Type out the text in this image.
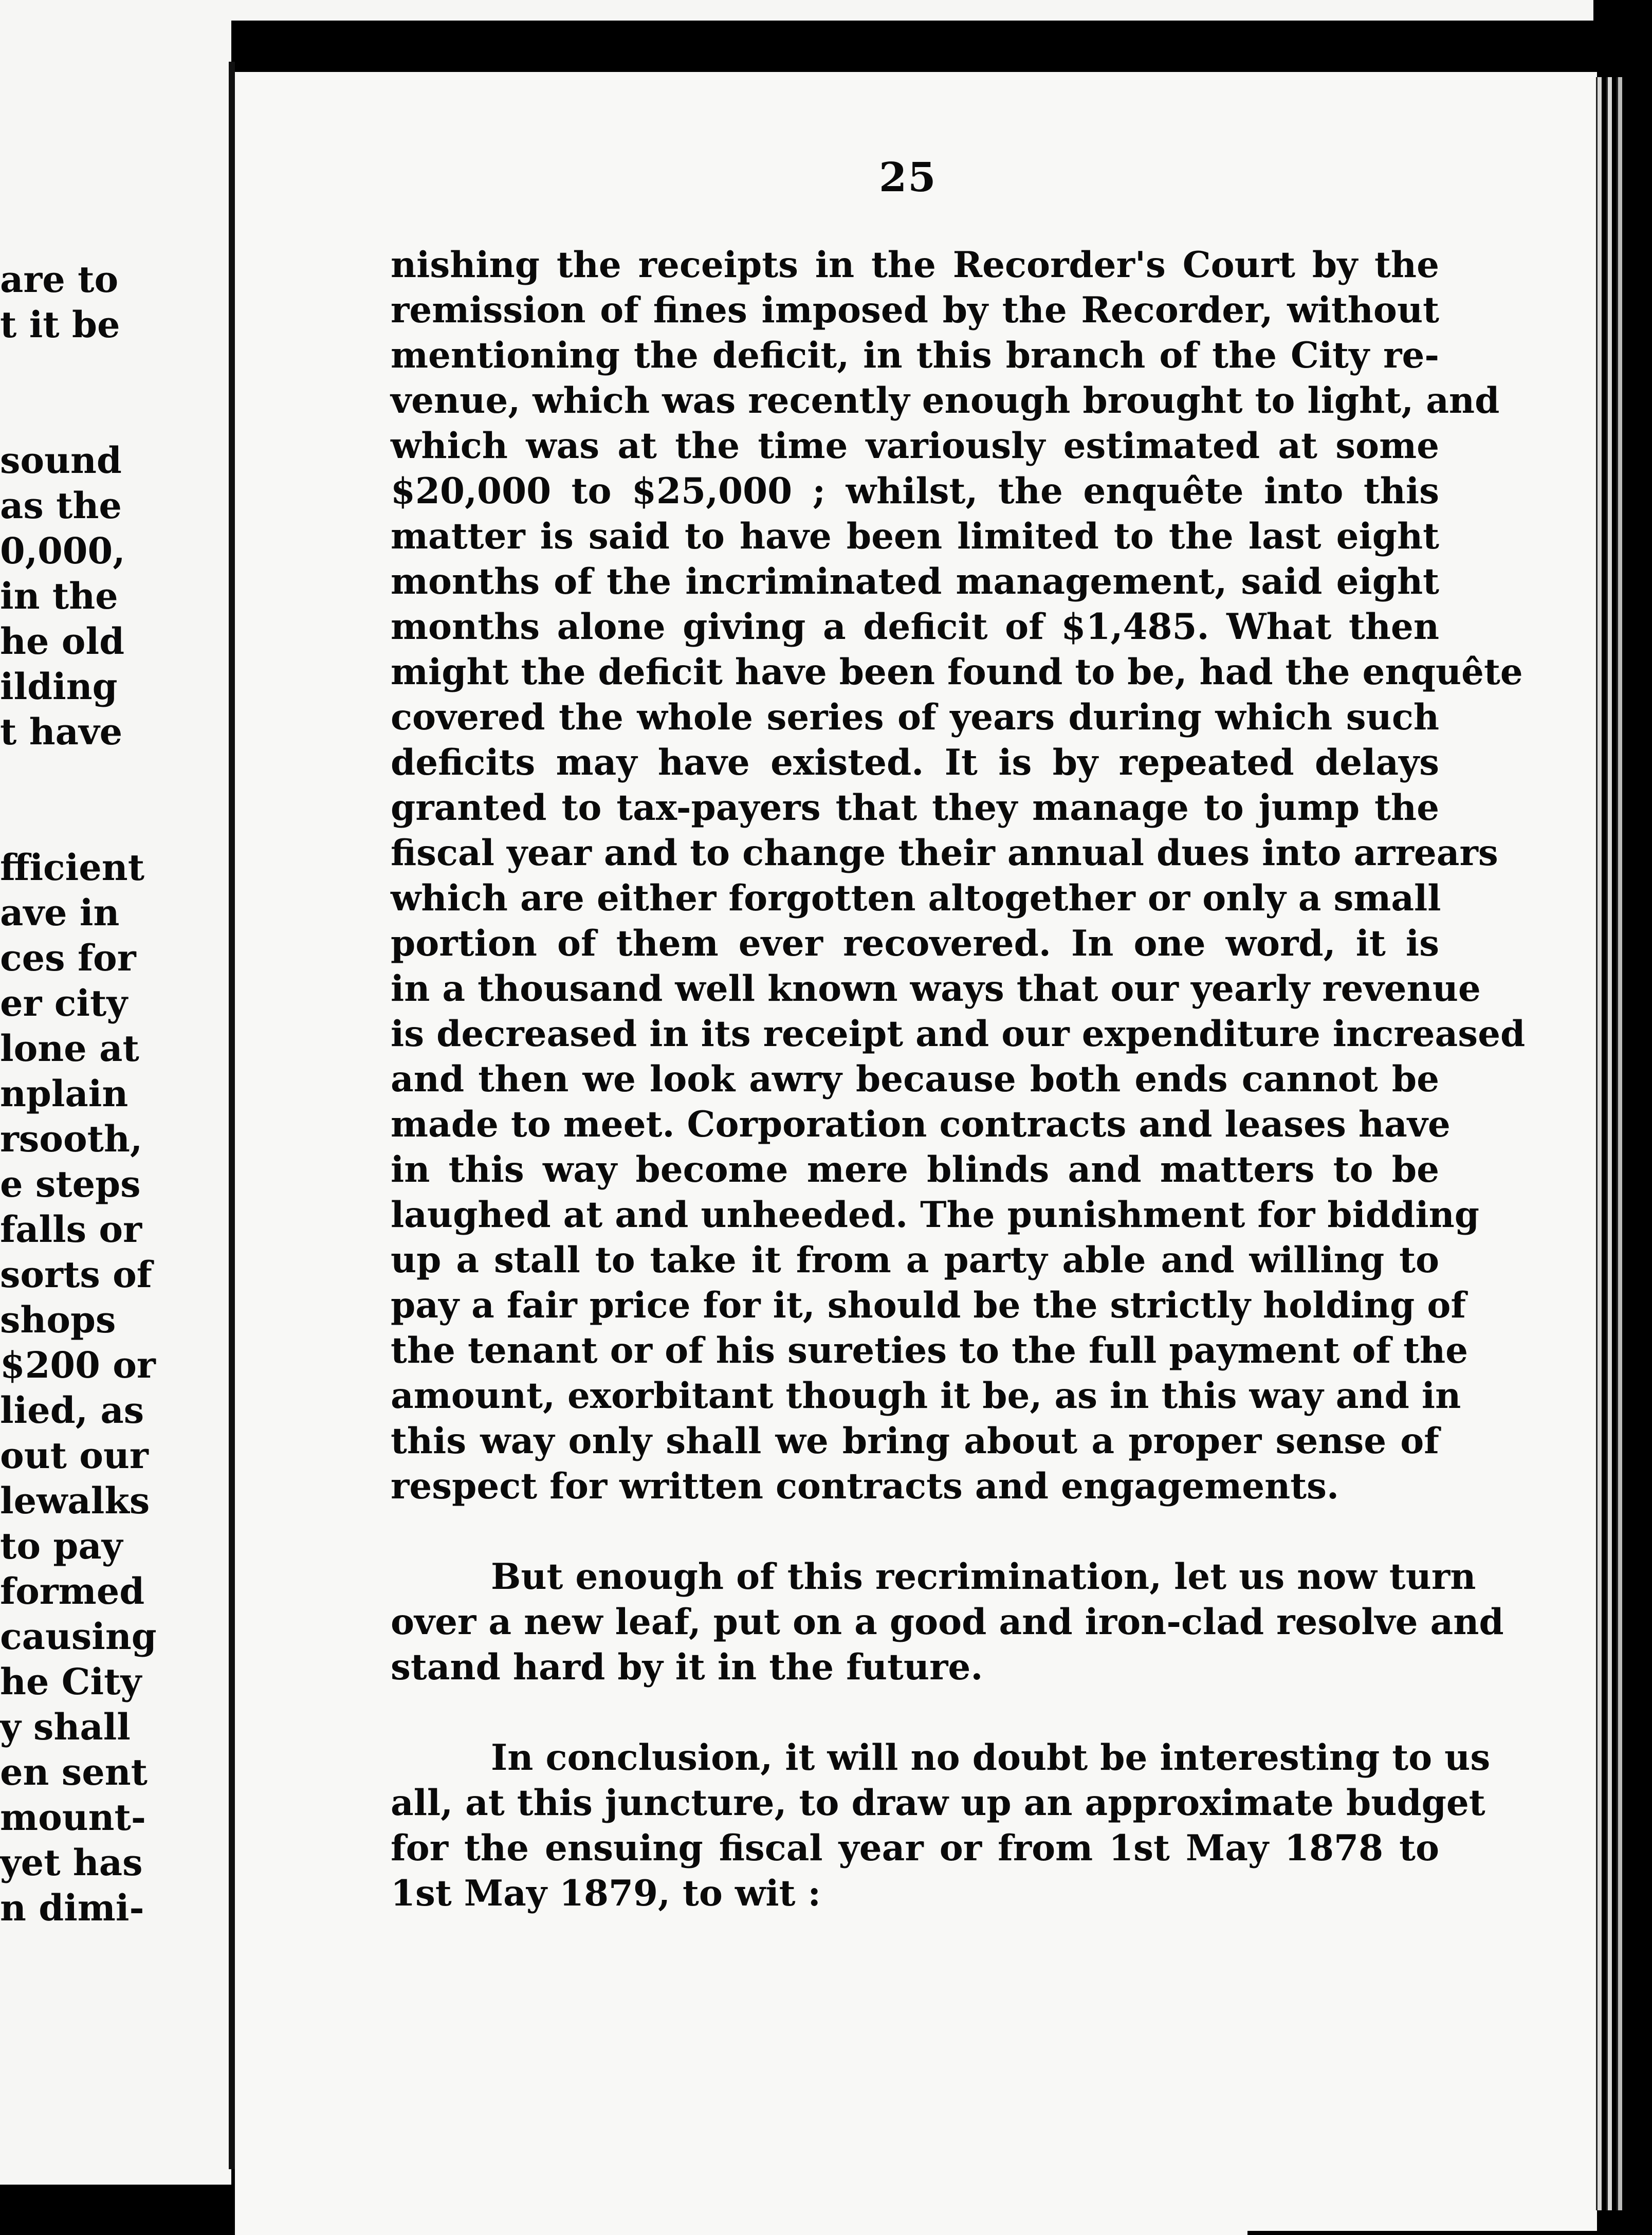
are to
t it be
sound
as the
0,000,
in the
he old
ilding
t have
fficient
ave in
ces for
er city
lone at
nplain
rsooth,
e steps
falls or
sorts of
shops
$200 or
lied, as
out our
lewalks
to pay
formed
causing
he City
y shall
en sent
mount-
yet has
n dimi-
25
nishing the receipts in the Recorder's Court by the
remission of fines imposed by the Recorder, without
mentioning the deficit, in this branch of the City re-
venue, which was recently enough brought to light, and
which was at the time variously estimated at some
$20,000 to $25,000 ; whilst, the enquête into this
matter is said to have been limited to the last eight
months of the incriminated management, said eight
months alone giving a deficit of $1,485. What then
might the deficit have been found to be, had the enquête
covered the whole series of years during which such
deficits may have existed. It is by repeated delays
granted to tax-payers that they manage to jump the
fiscal year and to change their annual dues into arrears
which are either forgotten altogether or only a small
portion of them ever recovered. In one word, it is
in a thousand well known ways that our yearly revenue
is decreased in its receipt and our expenditure increased
and then we look awry because both ends cannot be
made to meet. Corporation contracts and leases have
in this way become mere blinds and matters to be
laughed at and unheeded. The punishment for bidding
up a stall to take it from a party able and willing to
pay a fair price for it, should be the strictly holding of
the tenant or of his sureties to the full payment of the
amount, exorbitant though it be, as in this way and in
this way only shall we bring about a proper sense of
respect for written contracts and engagements.
But enough of this recrimination, let us now turn
over a new leaf, put on a good and iron-clad resolve and
stand hard by it in the future.
In conclusion, it will no doubt be interesting to us
all, at this juncture, to draw up an approximate budget
for the ensuing fiscal year or from 1st May 1878 to
1st May 1879, to wit :
